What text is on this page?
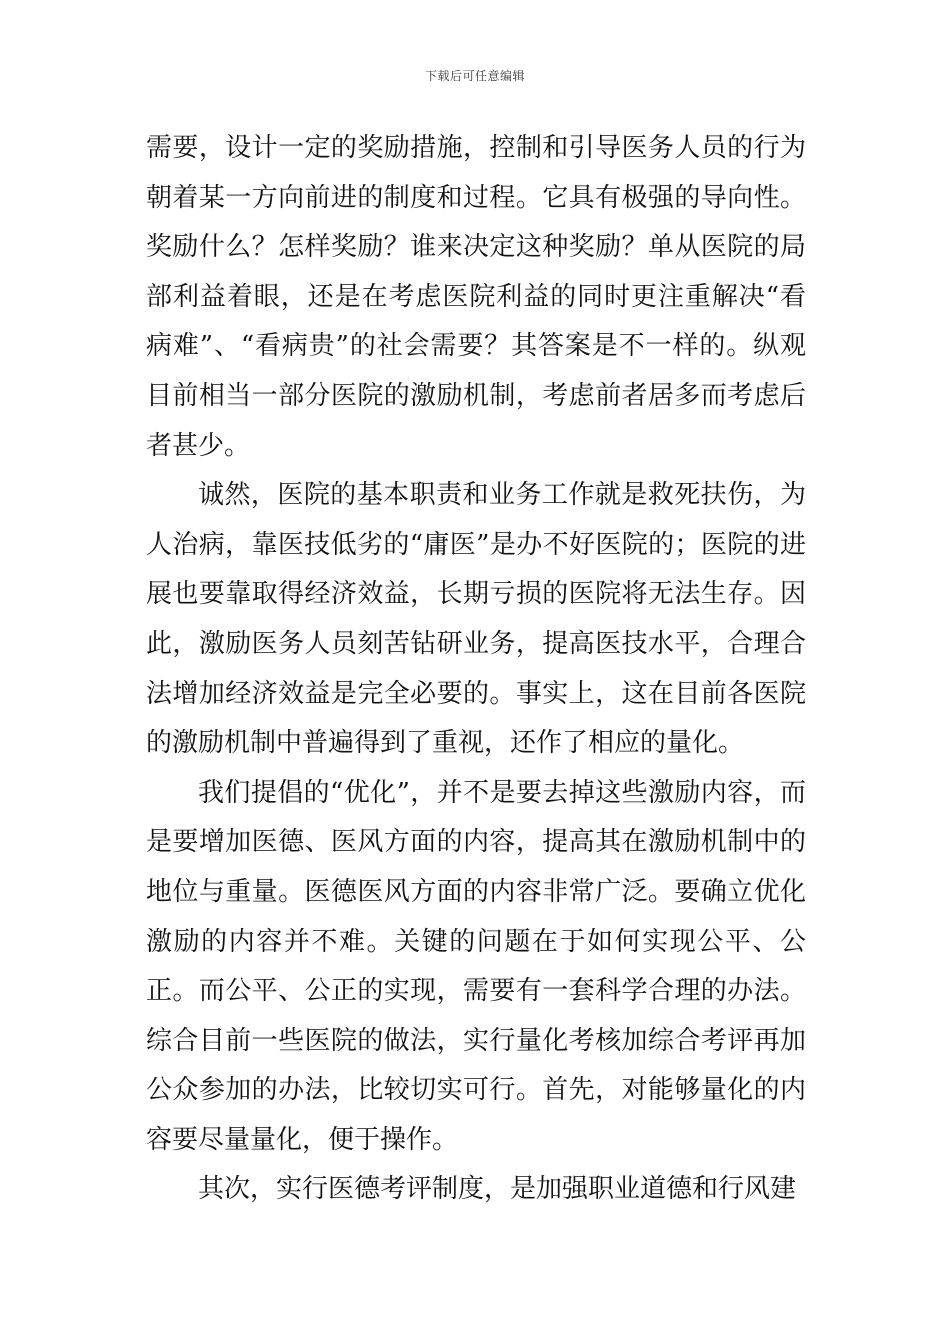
下载后可任意编辑

需要，设计一定的奖励措施，控制和引导医务人员的行为朝着某一方向前进的制度和过程。它具有极强的导向性。奖励什么？怎样奖励？谁来决定这种奖励？单从医院的局部利益着眼，还是在考虑医院利益的同时更注重解决“看病难”、“看病贵”的社会需要？其答案是不一样的。纵观目前相当一部分医院的激励机制，考虑前者居多而考虑后者甚少。

诚然，医院的基本职责和业务工作就是救死扶伤，为人治病，靠医技低劣的“庸医”是办不好医院的；医院的进展也要靠取得经济效益，长期亏损的医院将无法生存。因此，激励医务人员刻苦钻研业务，提高医技水平，合理合法增加经济效益是完全必要的。事实上，这在目前各医院的激励机制中普遍得到了重视，还作了相应的量化。

我们提倡的“优化”，并不是要去掉这些激励内容，而是要增加医德、医风方面的内容，提高其在激励机制中的地位与重量。医德医风方面的内容非常广泛。要确立优化激励的内容并不难。关键的问题在于如何实现公平、公正。而公平、公正的实现，需要有一套科学合理的办法。综合目前一些医院的做法，实行量化考核加综合考评再加公众参加的办法，比较切实可行。首先，对能够量化的内容要尽量量化，便于操作。

其次，实行医德考评制度，是加强职业道德和行风建
